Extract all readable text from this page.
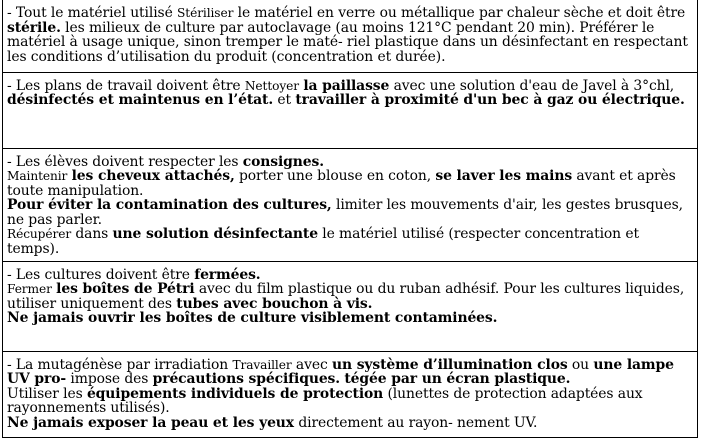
- Tout le matériel utilisé Stériliser le matériel en verre ou métallique par chaleur sèche et doit être stérile. les milieux de culture par autoclavage (au moins 121°C pendant 20 min). Préférer le matériel à usage unique, sinon tremper le maté- riel plastique dans un désinfectant en respectant les conditions d’utilisation du produit (concentration et durée).
- Les plans de travail doivent être Nettoyer la paillasse avec une solution d'eau de Javel à 3°chl, désinfectés et maintenus en l’état. et travailler à proximité d'un bec à gaz ou électrique.
- Les élèves doivent respecter les consignes.
Maintenir les cheveux attachés, porter une blouse en coton, se laver les mains avant et après toute manipulation.
Pour éviter la contamination des cultures, limiter les mouvements d'air, les gestes brusques, ne pas parler.
Récupérer dans une solution désinfectante le matériel utilisé (respecter concentration et temps).
- Les cultures doivent être fermées.
Fermer les boîtes de Pétri avec du film plastique ou du ruban adhésif. Pour les cultures liquides, utiliser uniquement des tubes avec bouchon à vis.
Ne jamais ouvrir les boîtes de culture visiblement contaminées.
- La mutagénèse par irradiation Travailler avec un système d’illumination clos ou une lampe UV pro- impose des précautions spécifiques. tégée par un écran plastique.
Utiliser les équipements individuels de protection (lunettes de protection adaptées aux rayonnements utilisés).
Ne jamais exposer la peau et les yeux directement au rayon- nement UV.
